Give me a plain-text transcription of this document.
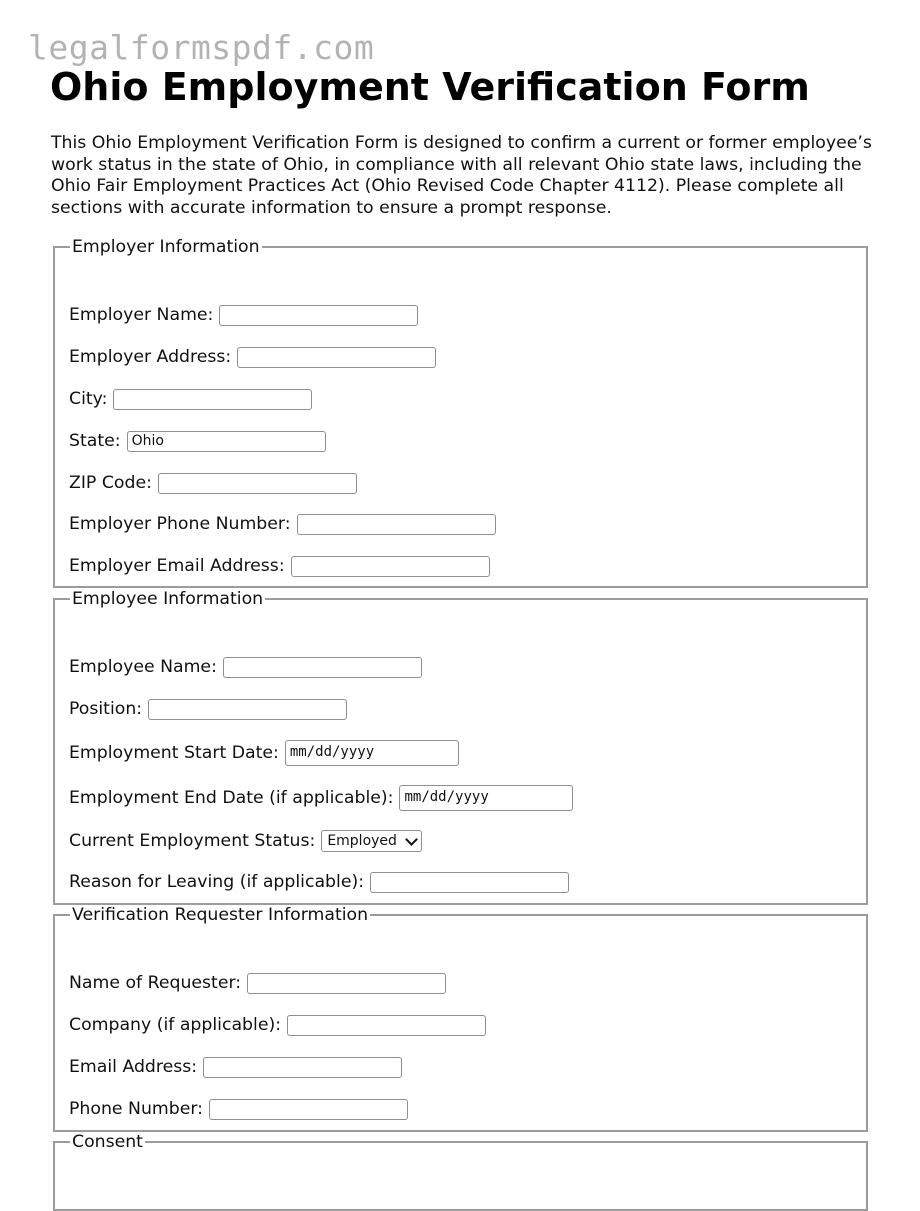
legalformspdf.com
Ohio Employment Verification Form

This Ohio Employment Verification Form is designed to confirm a current or former employee’s work status in the state of Ohio, in compliance with all relevant Ohio state laws, including the Ohio Fair Employment Practices Act (Ohio Revised Code Chapter 4112). Please complete all sections with accurate information to ensure a prompt response.

Employer Information
Employer Name:
Employer Address:
City:
State: Ohio
ZIP Code:
Employer Phone Number:
Employer Email Address:
Employee Information
Employee Name:
Position:
Employment Start Date: mm/dd/yyyy
Employment End Date (if applicable): mm/dd/yyyy
Current Employment Status: Employed
Reason for Leaving (if applicable):
Verification Requester Information
Name of Requester:
Company (if applicable):
Email Address:
Phone Number:
Consent
